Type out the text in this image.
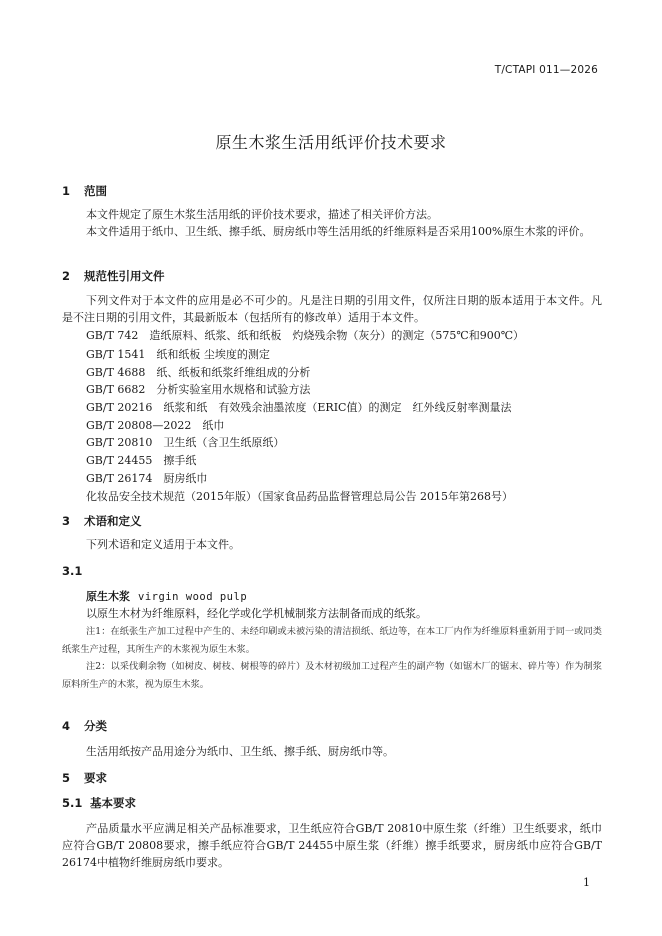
T/CTAPI 011—2026
原生木浆生活用纸评价技术要求
1 范围
本文件规定了原生木浆生活用纸的评价技术要求，描述了相关评价方法。
本文件适用于纸巾、卫生纸、擦手纸、厨房纸巾等生活用纸的纤维原料是否采用100%原生木浆的评价。
2 规范性引用文件
下列文件对于本文件的应用是必不可少的。凡是注日期的引用文件，仅所注日期的版本适用于本文件。凡是不注日期的引用文件，其最新版本（包括所有的修改单）适用于本文件。
GB/T 742　造纸原料、纸浆、纸和纸板　灼烧残余物（灰分）的测定（575℃和900℃）
GB/T 1541　纸和纸板 尘埃度的测定
GB/T 4688　纸、纸板和纸浆纤维组成的分析
GB/T 6682　分析实验室用水规格和试验方法
GB/T 20216　纸浆和纸　有效残余油墨浓度（ERIC值）的测定　红外线反射率测量法
GB/T 20808—2022　纸巾
GB/T 20810　卫生纸（含卫生纸原纸）
GB/T 24455　擦手纸
GB/T 26174　厨房纸巾
化妆品安全技术规范（2015年版）（国家食品药品监督管理总局公告 2015年第268号）
3 术语和定义
下列术语和定义适用于本文件。
3.1
原生木浆 virgin wood pulp
以原生木材为纤维原料，经化学或化学机械制浆方法制备而成的纸浆。
注1：在纸张生产加工过程中产生的、未经印刷或未被污染的清洁损纸、纸边等，在本工厂内作为纤维原料重新用于同一或同类纸浆生产过程，其所生产的木浆视为原生木浆。
注2：以采伐剩余物（如树皮、树枝、树根等的碎片）及木材初级加工过程产生的副产物（如锯木厂的锯末、碎片等）作为制浆原料所生产的木浆，视为原生木浆。
4 分类
生活用纸按产品用途分为纸巾、卫生纸、擦手纸、厨房纸巾等。
5 要求
5.1 基本要求
产品质量水平应满足相关产品标准要求，卫生纸应符合GB/T 20810中原生浆（纤维）卫生纸要求，纸巾应符合GB/T 20808要求，擦手纸应符合GB/T 24455中原生浆（纤维）擦手纸要求，厨房纸巾应符合GB/T 26174中植物纤维厨房纸巾要求。
1
